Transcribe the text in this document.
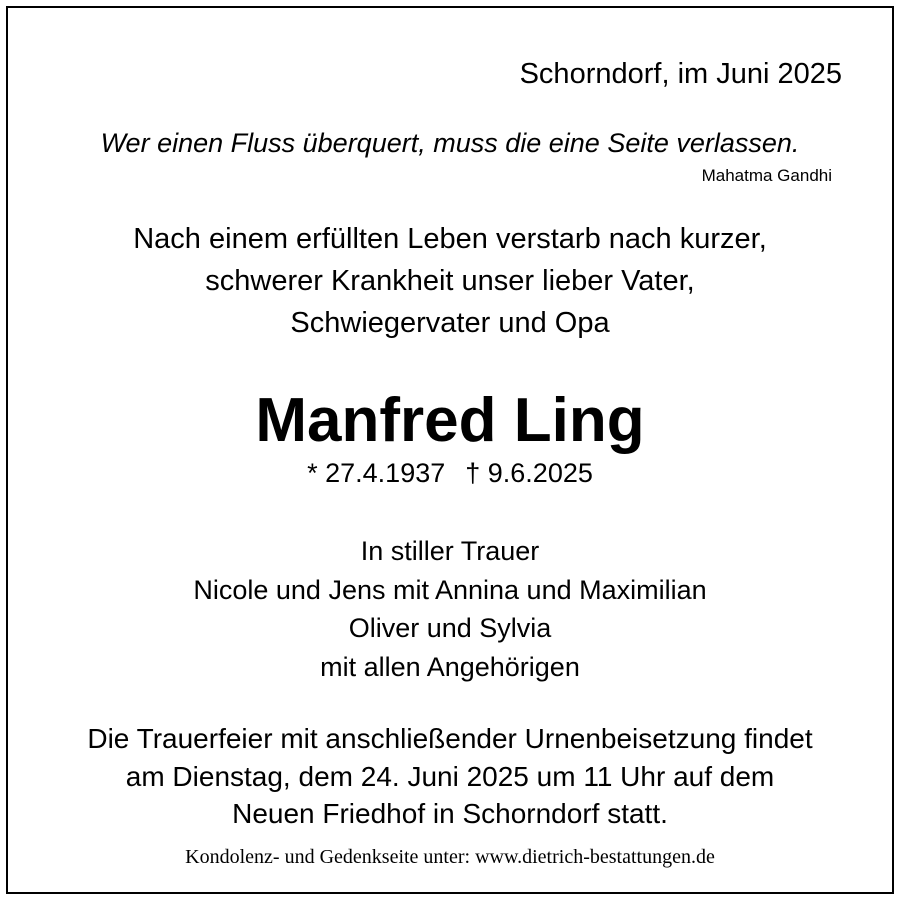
Schorndorf, im Juni 2025
Wer einen Fluss überquert, muss die eine Seite verlassen.
Mahatma Gandhi
Nach einem erfüllten Leben verstarb nach kurzer,
schwerer Krankheit unser lieber Vater,
Schwiegervater und Opa
Manfred Ling
* 27.4.1937 † 9.6.2025
In stiller Trauer
Nicole und Jens mit Annina und Maximilian
Oliver und Sylvia
mit allen Angehörigen
Die Trauerfeier mit anschließender Urnenbeisetzung findet
am Dienstag, dem 24. Juni 2025 um 11 Uhr auf dem
Neuen Friedhof in Schorndorf statt.
Kondolenz- und Gedenkseite unter: www.dietrich-bestattungen.de
